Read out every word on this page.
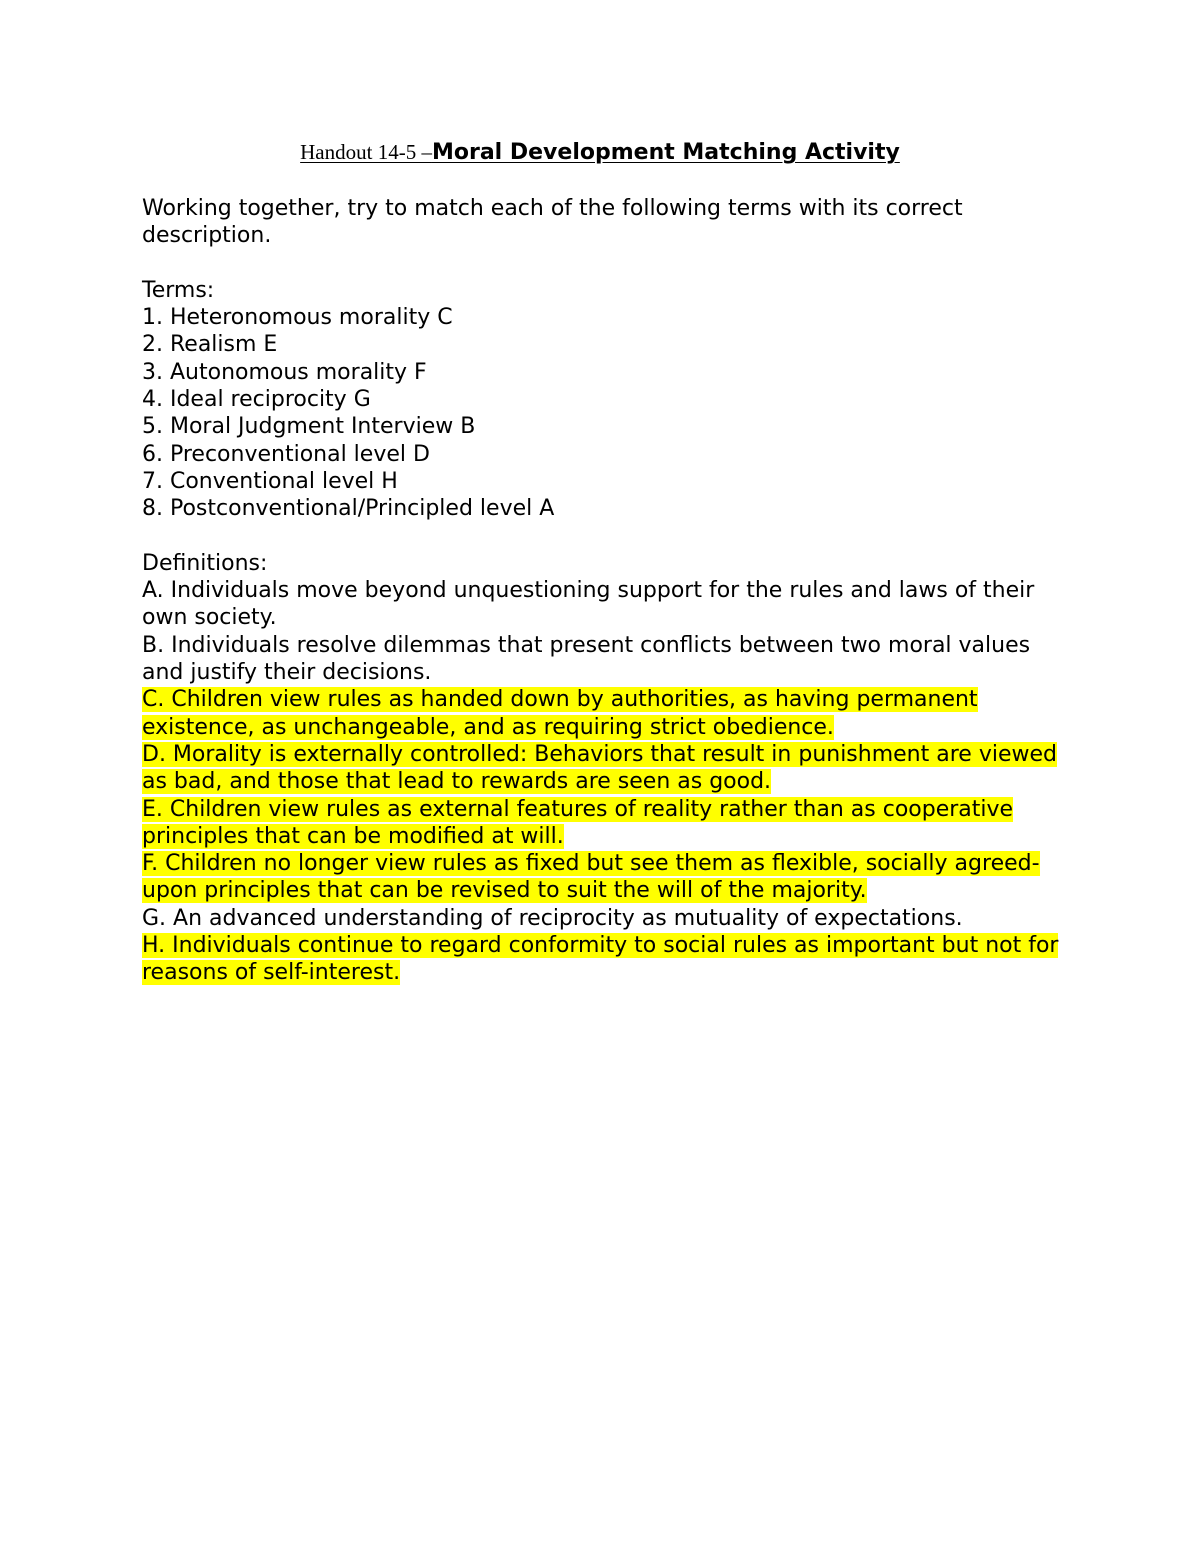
Handout 14-5 –Moral Development Matching Activity

Working together, try to match each of the following terms with its correct description.

Terms:

1. Heteronomous morality C

2. Realism E

3. Autonomous morality F

4. Ideal reciprocity G

5. Moral Judgment Interview B

6. Preconventional level D

7. Conventional level H

8. Postconventional/Principled level A

Definitions:

A. Individuals move beyond unquestioning support for the rules and laws of their own society.

B. Individuals resolve dilemmas that present conflicts between two moral values and justify their decisions.

C. Children view rules as handed down by authorities, as having permanent existence, as unchangeable, and as requiring strict obedience.

D. Morality is externally controlled: Behaviors that result in punishment are viewed as bad, and those that lead to rewards are seen as good.

E. Children view rules as external features of reality rather than as cooperative principles that can be modified at will.

F. Children no longer view rules as fixed but see them as flexible, socially agreed-upon principles that can be revised to suit the will of the majority.

G. An advanced understanding of reciprocity as mutuality of expectations.

H. Individuals continue to regard conformity to social rules as important but not for reasons of self-interest.
